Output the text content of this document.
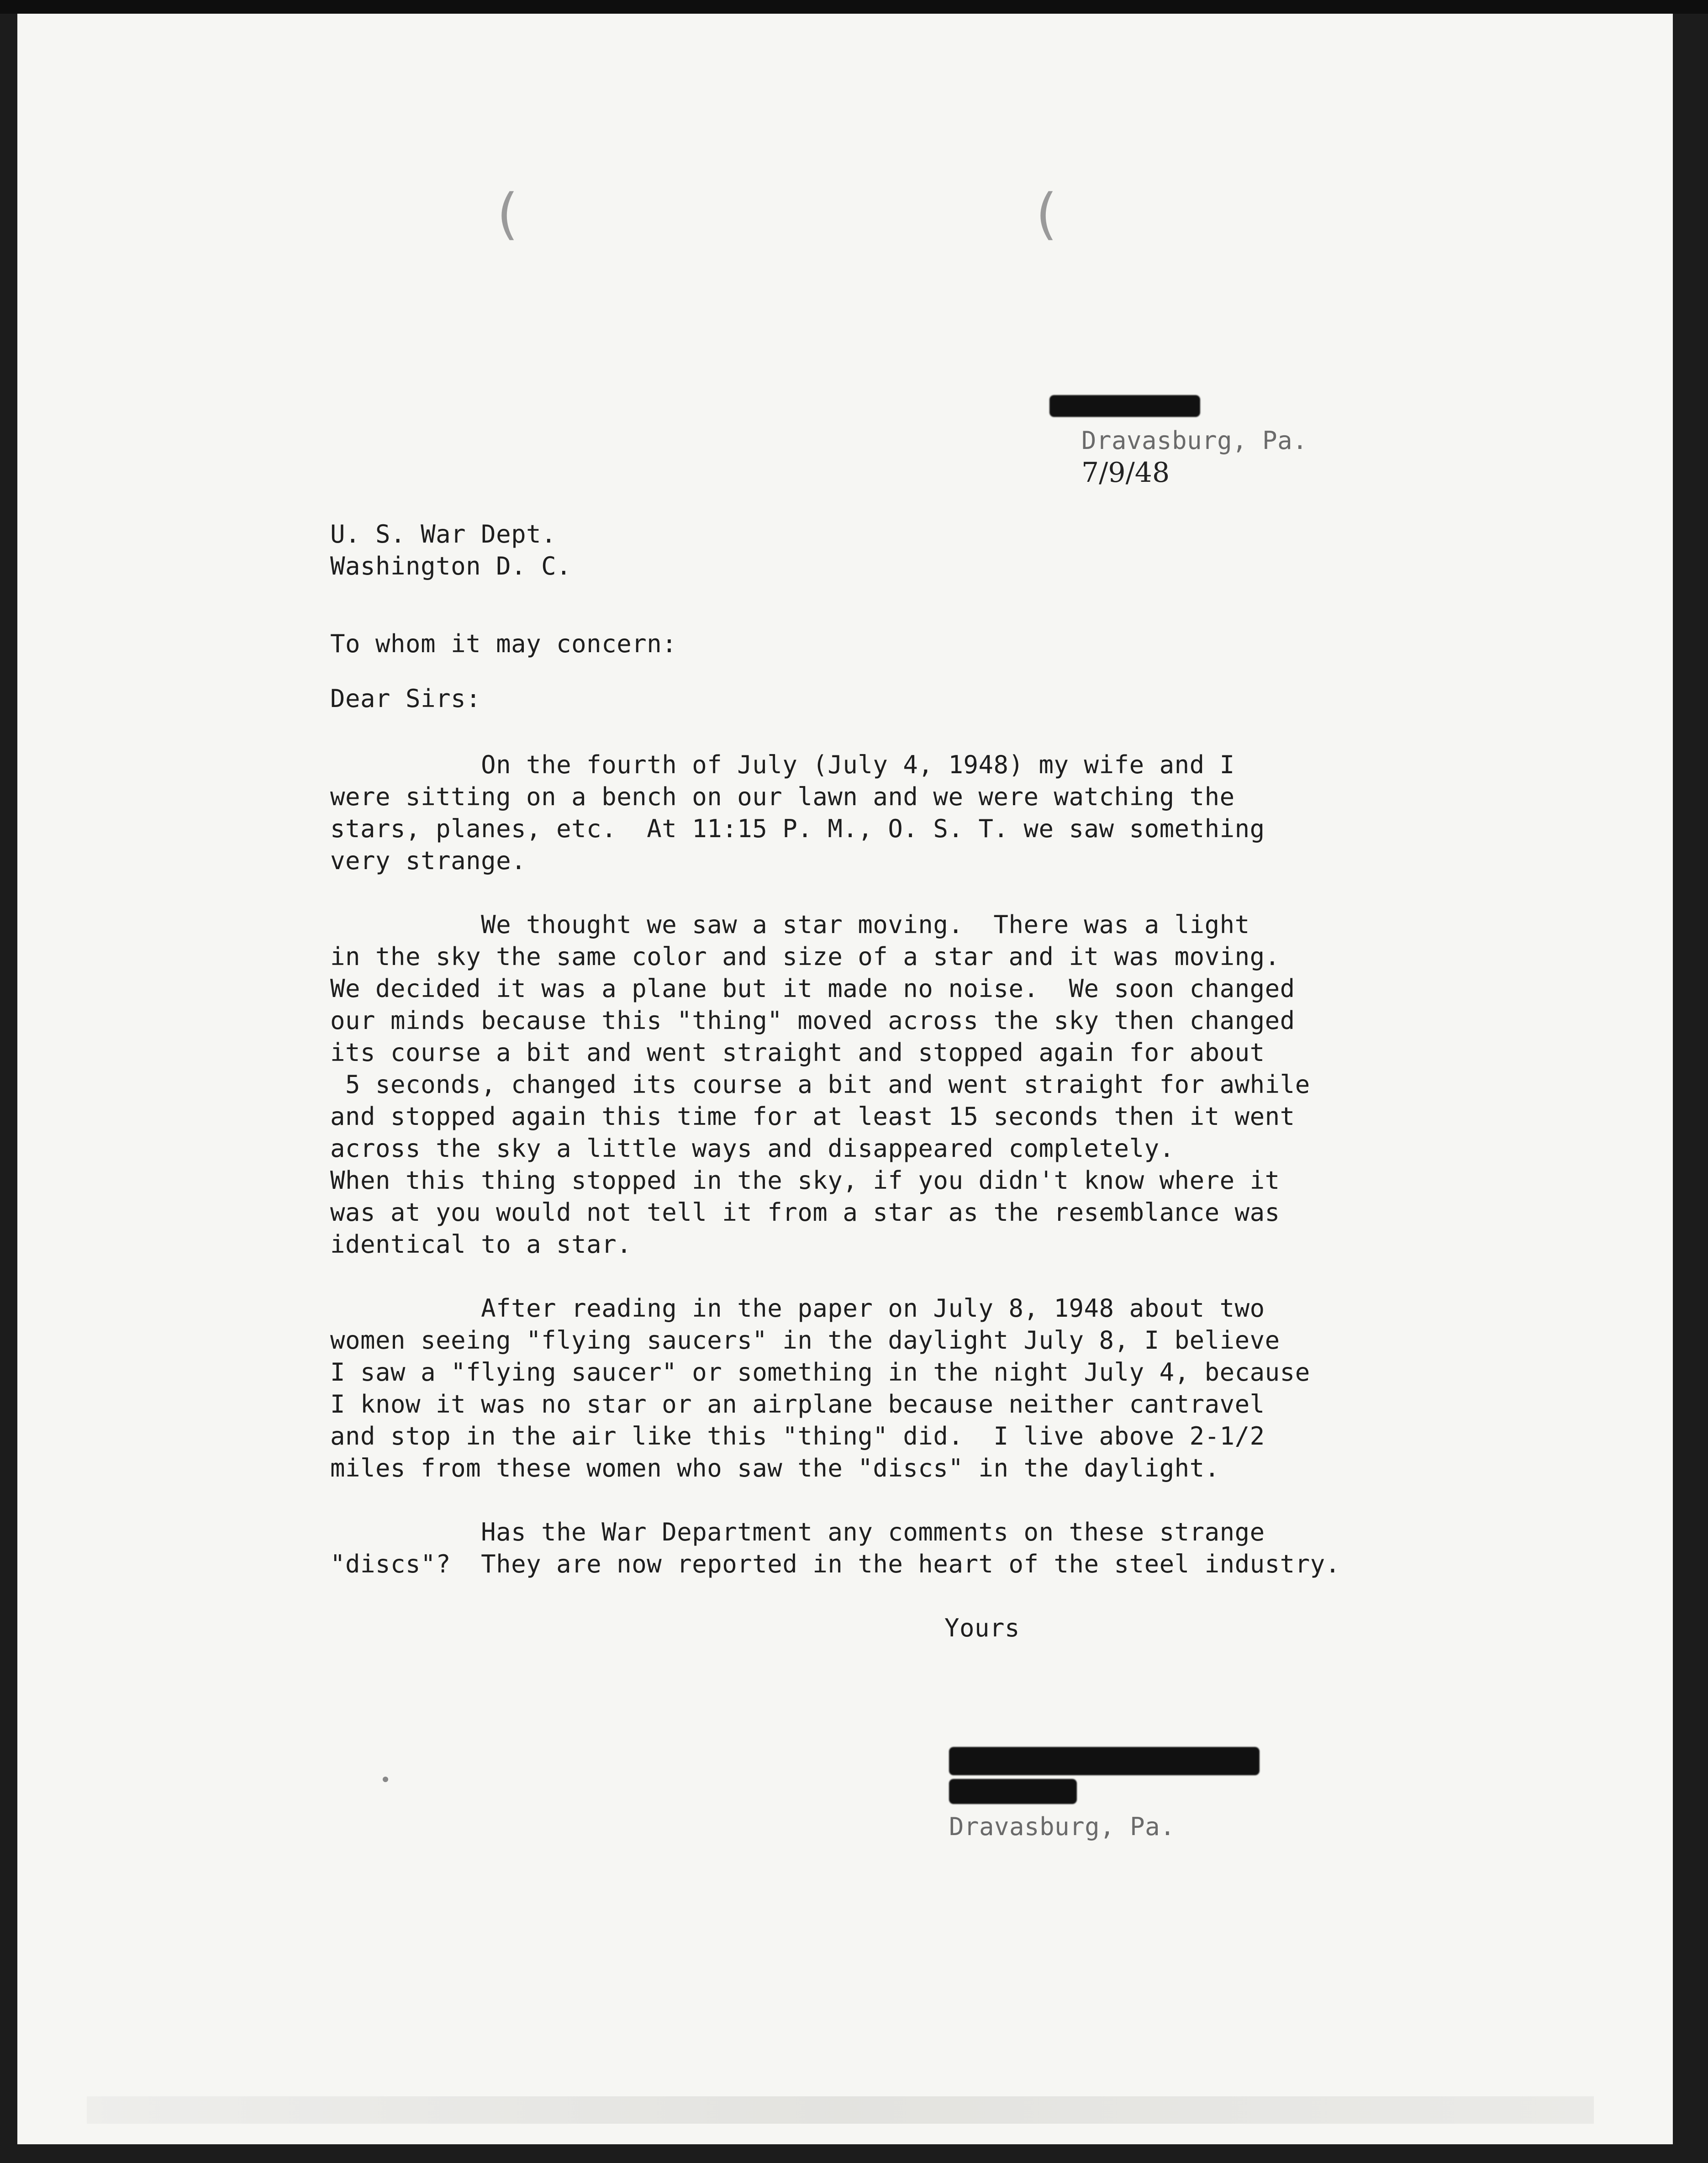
(	(
Dravasburg, Pa.
7/9/48
U. S. War Dept.
Washington D. C.
To whom it may concern:
Dear Sirs:
On the fourth of July (July 4, 1948) my wife and I
were sitting on a bench on our lawn and we were watching the
stars, planes, etc.  At 11:15 P. M., O. S. T. we saw something
very strange.
We thought we saw a star moving.  There was a light
in the sky the same color and size of a star and it was moving.
We decided it was a plane but it made no noise.  We soon changed
our minds because this "thing" moved across the sky then changed
its course a bit and went straight and stopped again for about
5 seconds, changed its course a bit and went straight for awhile
and stopped again this time for at least 15 seconds then it went
across the sky a little ways and disappeared completely.
When this thing stopped in the sky, if you didn't know where it
was at you would not tell it from a star as the resemblance was
identical to a star.
After reading in the paper on July 8, 1948 about two
women seeing "flying saucers" in the daylight July 8, I believe
I saw a "flying saucer" or something in the night July 4, because
I know it was no star or an airplane because neither cantravel
and stop in the air like this "thing" did.  I live above 2-1/2
miles from these women who saw the "discs" in the daylight.
Has the War Department any comments on these strange
"discs"?  They are now reported in the heart of the steel industry.
Yours
Dravasburg, Pa.
